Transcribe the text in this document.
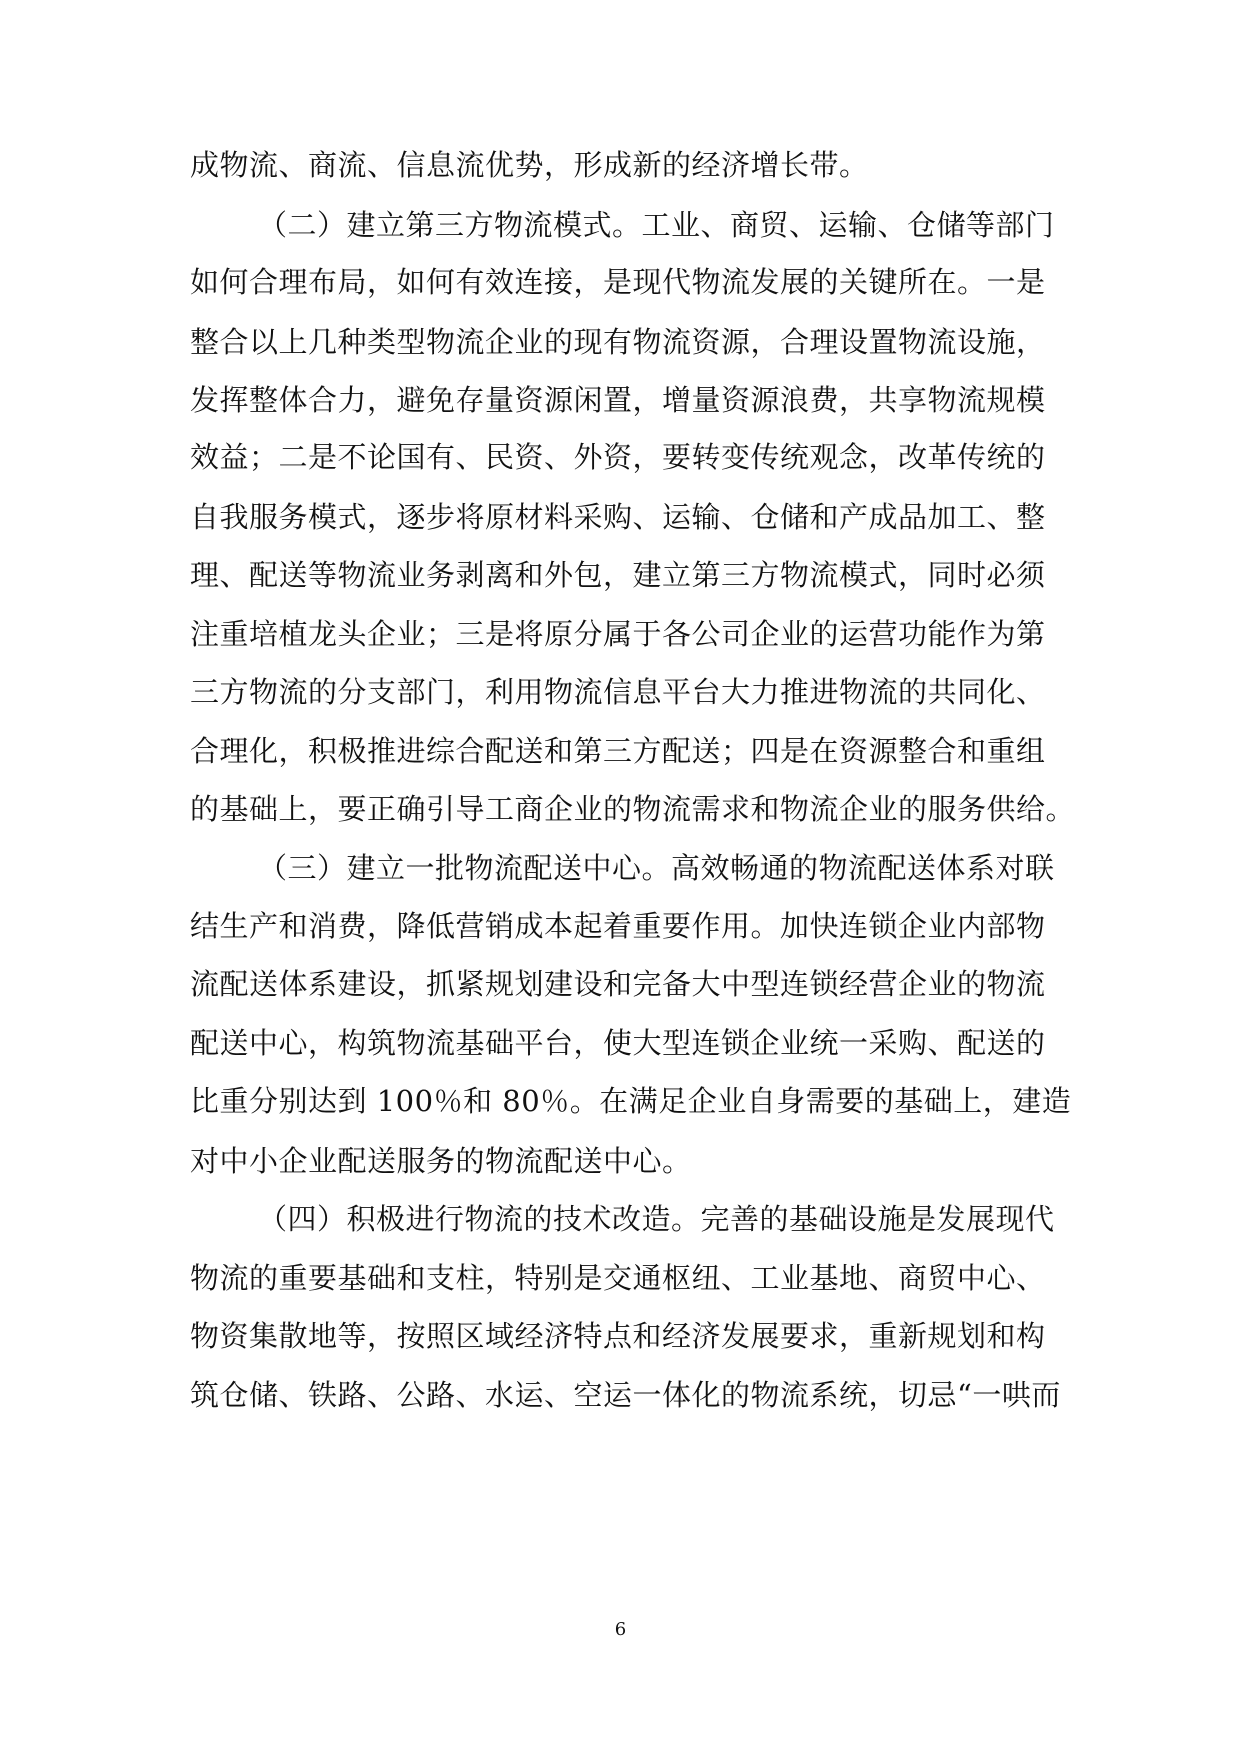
成物流、商流、信息流优势，形成新的经济增长带。
（二）建立第三方物流模式。工业、商贸、运输、仓储等部门
如何合理布局，如何有效连接，是现代物流发展的关键所在。一是
整合以上几种类型物流企业的现有物流资源，合理设置物流设施，
发挥整体合力，避免存量资源闲置，增量资源浪费，共享物流规模
效益；二是不论国有、民资、外资，要转变传统观念，改革传统的
自我服务模式，逐步将原材料采购、运输、仓储和产成品加工、整
理、配送等物流业务剥离和外包，建立第三方物流模式，同时必须
注重培植龙头企业；三是将原分属于各公司企业的运营功能作为第
三方物流的分支部门，利用物流信息平台大力推进物流的共同化、
合理化，积极推进综合配送和第三方配送；四是在资源整合和重组
的基础上，要正确引导工商企业的物流需求和物流企业的服务供给。
（三）建立一批物流配送中心。高效畅通的物流配送体系对联
结生产和消费，降低营销成本起着重要作用。加快连锁企业内部物
流配送体系建设，抓紧规划建设和完备大中型连锁经营企业的物流
配送中心，构筑物流基础平台，使大型连锁企业统一采购、配送的
比重分别达到 100％和 80％。在满足企业自身需要的基础上，建造
对中小企业配送服务的物流配送中心。
（四）积极进行物流的技术改造。完善的基础设施是发展现代
物流的重要基础和支柱，特别是交通枢纽、工业基地、商贸中心、
物资集散地等，按照区域经济特点和经济发展要求，重新规划和构
筑仓储、铁路、公路、水运、空运一体化的物流系统，切忌“一哄而
6
